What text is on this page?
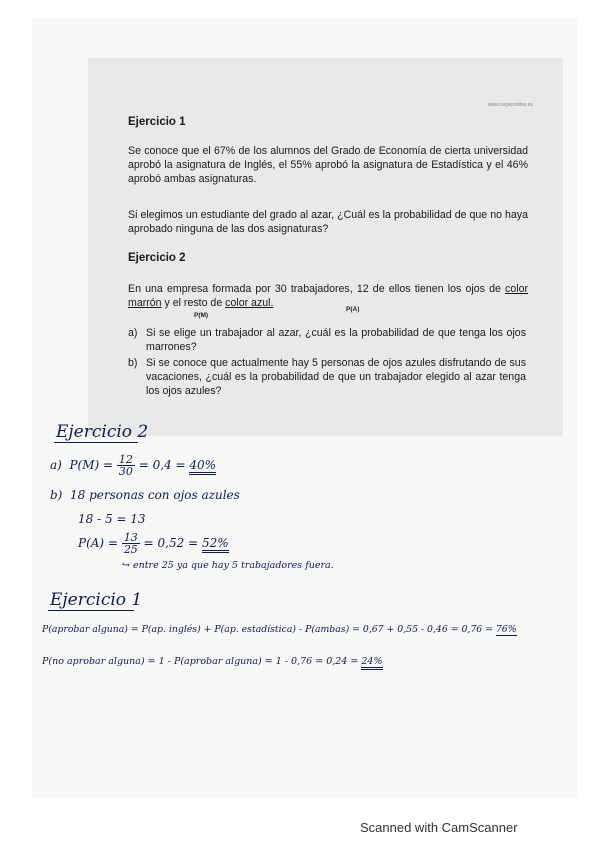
www.ceyaconline.es
Ejercicio 1
Se conoce que el 67% de los alumnos del Grado de Economía de cierta universidad aprobó la asignatura de Inglés, el 55% aprobó la asignatura de Estadística y el 46% aprobó ambas asignaturas.
Si elegimos un estudiante del grado al azar, ¿Cuál es la probabilidad de que no haya aprobado ninguna de las dos asignaturas?
Ejercicio 2
En una empresa formada por 30 trabajadores, 12 de ellos tienen los ojos de color marrón y el resto de color azul.
P(M)
P(A)
a) Si se elige un trabajador al azar, ¿cuál es la probabilidad de que tenga los ojos marrones?
b) Si se conoce que actualmente hay 5 personas de ojos azules disfrutando de sus vacaciones, ¿cuál es la probabilidad de que un trabajador elegido al azar tenga los ojos azules?
Ejercicio 2
a) $P(M) = \frac{12}{30} = 0,4 = 40\%$
b) 18 personas con ojos azules
18 - 5 = 13
$P(A) = \frac{13}{25} = 0,52 = 52\%$
↪ entre 25 ya que hay 5 trabajadores fuera.
Ejercicio 1
P(aprobar alguna) = P(ap. inglés) + P(ap. estadística) - P(ambas) = 0,67 + 0,55 - 0,46 = 0,76 = 76%
P(no aprobar alguna) = 1 - P(aprobar alguna) = 1 - 0,76 = 0,24 = 24%
Scanned with CamScanner
